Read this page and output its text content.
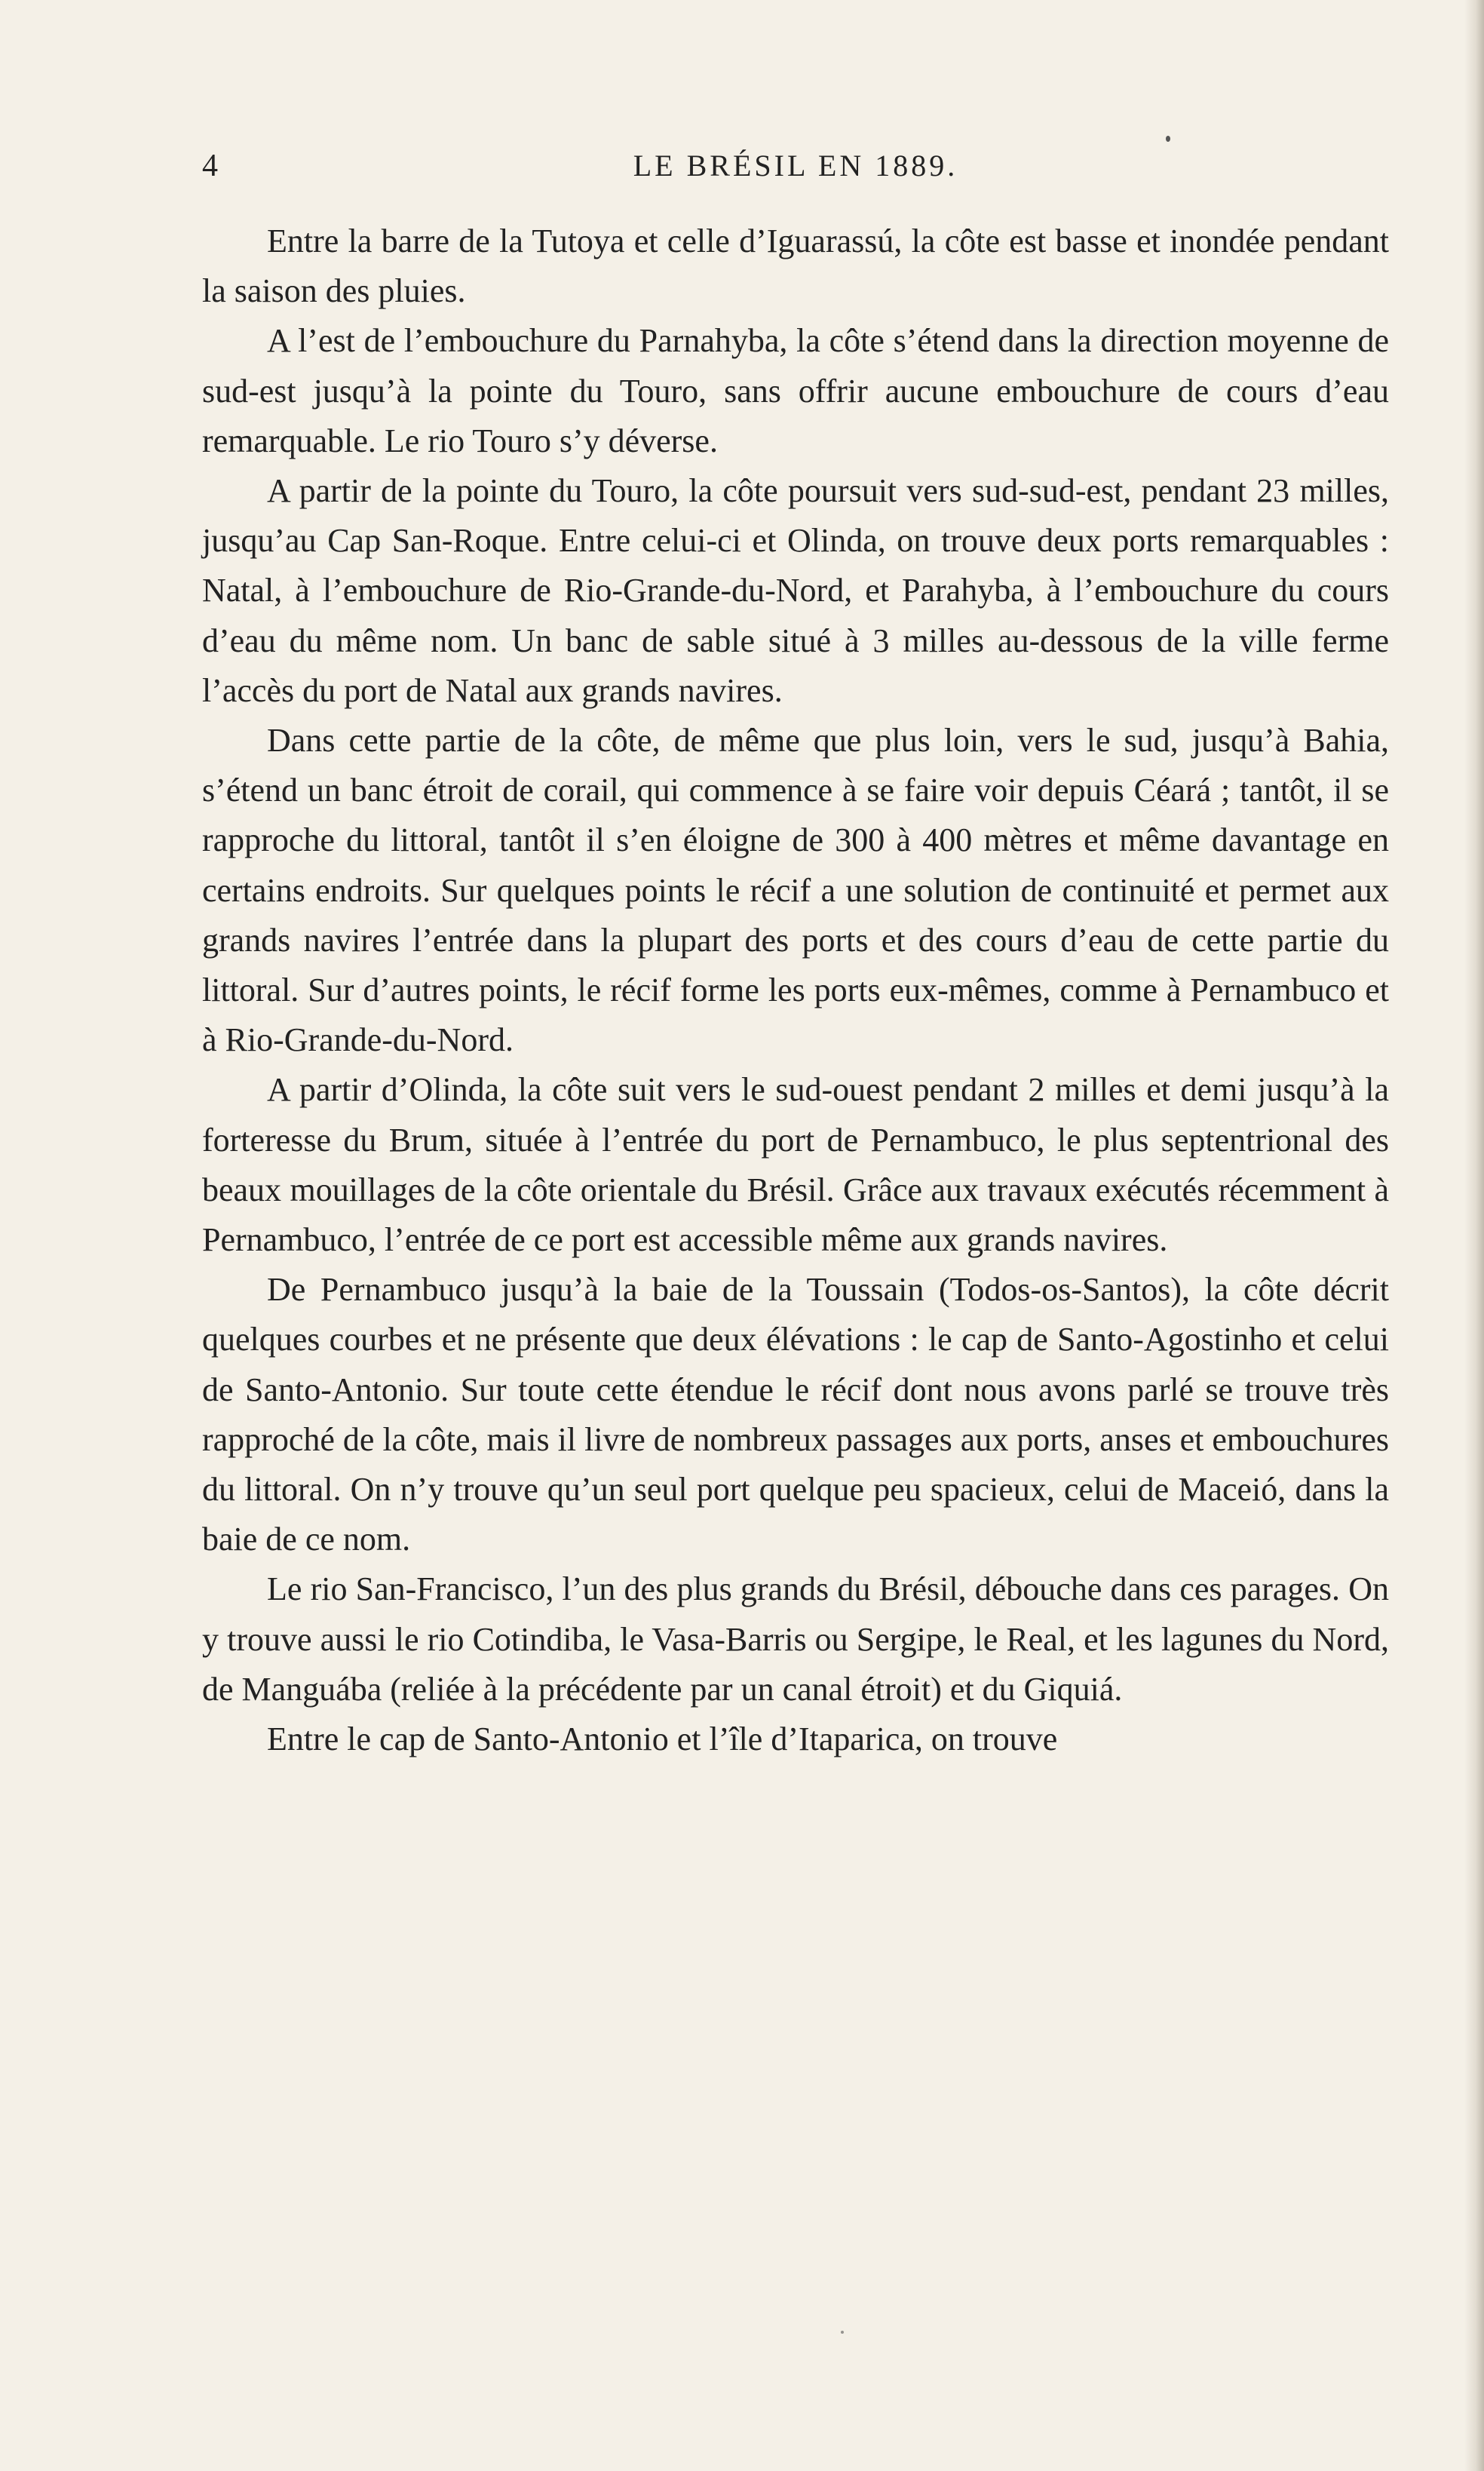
4	LE BRÉSIL EN 1889.

Entre la barre de la Tutoya et celle d’Iguarassú, la côte est basse et inondée pendant la saison des pluies.

A l’est de l’embouchure du Parnahyba, la côte s’étend dans la direction moyenne de sud-est jusqu’à la pointe du Touro, sans offrir aucune embouchure de cours d’eau remarquable. Le rio Touro s’y déverse.

A partir de la pointe du Touro, la côte poursuit vers sud-sud-est, pendant 23 milles, jusqu’au Cap San-Roque. Entre celui-ci et Olinda, on trouve deux ports remarquables : Natal, à l’embouchure de Rio-Grande-du-Nord, et Parahyba, à l’embouchure du cours d’eau du même nom. Un banc de sable situé à 3 milles au-dessous de la ville ferme l’accès du port de Natal aux grands navires.

Dans cette partie de la côte, de même que plus loin, vers le sud, jusqu’à Bahia, s’étend un banc étroit de corail, qui commence à se faire voir depuis Céará ; tantôt, il se rapproche du littoral, tantôt il s’en éloigne de 300 à 400 mètres et même davantage en certains endroits. Sur quelques points le récif a une solution de continuité et permet aux grands navires l’entrée dans la plupart des ports et des cours d’eau de cette partie du littoral. Sur d’autres points, le récif forme les ports eux-mêmes, comme à Pernambuco et à Rio-Grande-du-Nord.

A partir d’Olinda, la côte suit vers le sud-ouest pendant 2 milles et demi jusqu’à la forteresse du Brum, située à l’entrée du port de Pernambuco, le plus septentrional des beaux mouillages de la côte orientale du Brésil. Grâce aux travaux exécutés récemment à Pernambuco, l’entrée de ce port est accessible même aux grands navires.

De Pernambuco jusqu’à la baie de la Toussain (Todos-os-Santos), la côte décrit quelques courbes et ne présente que deux élévations : le cap de Santo-Agostinho et celui de Santo-Antonio. Sur toute cette étendue le récif dont nous avons parlé se trouve très rapproché de la côte, mais il livre de nombreux passages aux ports, anses et embouchures du littoral. On n’y trouve qu’un seul port quelque peu spacieux, celui de Maceió, dans la baie de ce nom.

Le rio San-Francisco, l’un des plus grands du Brésil, débouche dans ces parages. On y trouve aussi le rio Cotindiba, le Vasa-Barris ou Sergipe, le Real, et les lagunes du Nord, de Manguába (reliée à la précédente par un canal étroit) et du Giquiá.

Entre le cap de Santo-Antonio et l’île d’Itaparica, on trouve
